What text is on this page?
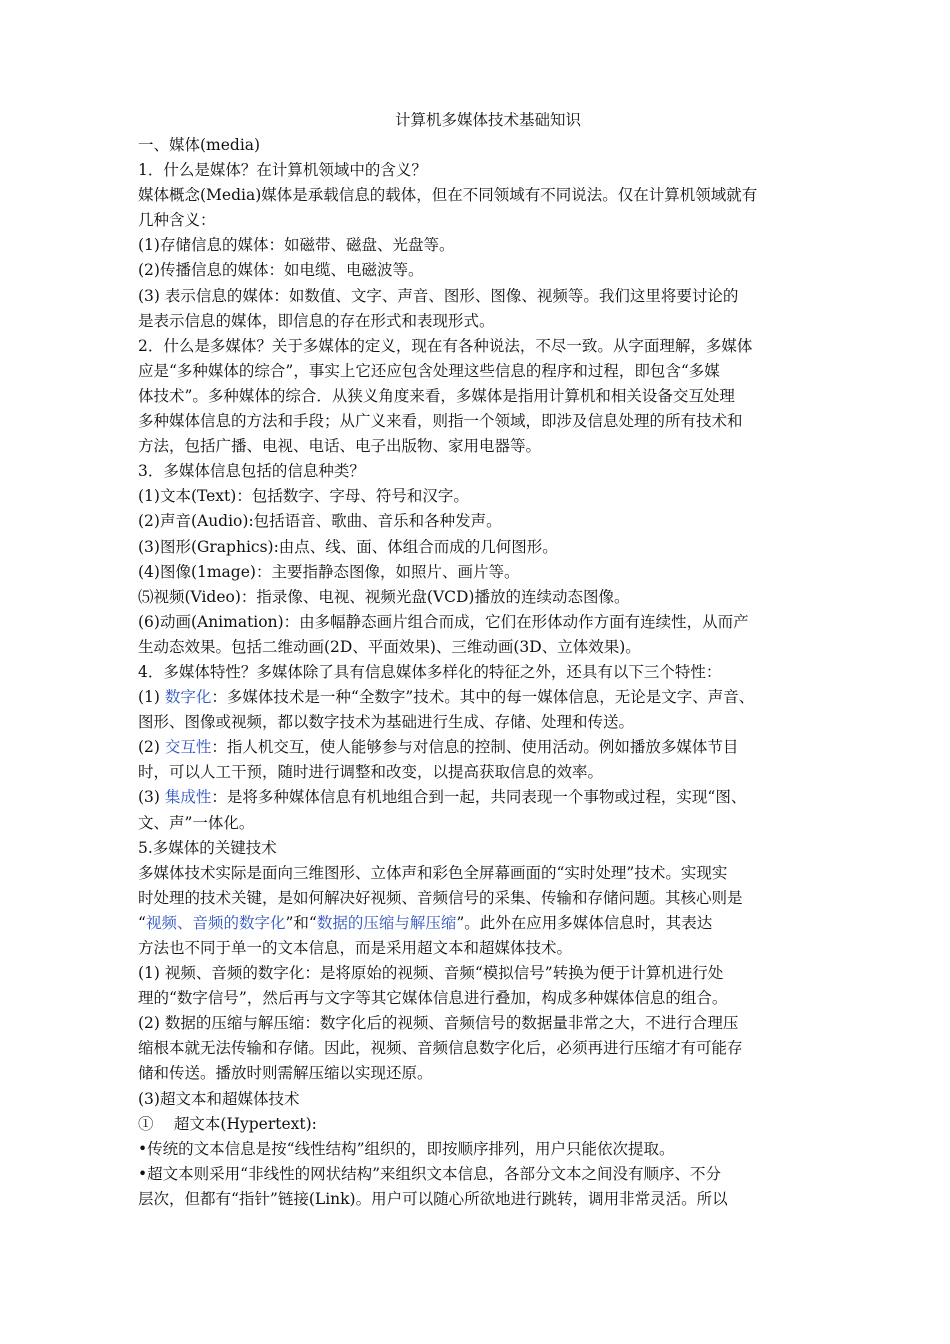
计算机多媒体技术基础知识
一、媒体(media)
1．什么是媒体？在计算机领域中的含义？
媒体概念(Media)媒体是承载信息的载体，但在不同领域有不同说法。仅在计算机领域就有
几种含义：
(1)存储信息的媒体：如磁带、磁盘、光盘等。
(2)传播信息的媒体：如电缆、电磁波等。
(3) 表示信息的媒体：如数值、文字、声音、图形、图像、视频等。我们这里将要讨论的
是表示信息的媒体，即信息的存在形式和表现形式。
2．什么是多媒体？关于多媒体的定义，现在有各种说法，不尽一致。从字面理解，多媒体
应是“多种媒体的综合”，事实上它还应包含处理这些信息的程序和过程，即包含“多媒
体技术”。多种媒体的综合．从狭义角度来看，多媒体是指用计算机和相关设备交互处理
多种媒体信息的方法和手段；从广义来看，则指一个领域，即涉及信息处理的所有技术和
方法，包括广播、电视、电话、电子出版物、家用电器等。
3．多媒体信息包括的信息种类？
(1)文本(Text)：包括数字、字母、符号和汉字。
(2)声音(Audio):包括语音、歌曲、音乐和各种发声。
(3)图形(Graphics):由点、线、面、体组合而成的几何图形。
(4)图像(1mage)：主要指静态图像，如照片、画片等。
⑸视频(Video)：指录像、电视、视频光盘(VCD)播放的连续动态图像。
(6)动画(Animation)：由多幅静态画片组合而成，它们在形体动作方面有连续性，从而产
生动态效果。包括二维动画(2D、平面效果)、三维动画(3D、立体效果)。
4．多媒体特性？多媒体除了具有信息媒体多样化的特征之外，还具有以下三个特性：
(1) 数字化：多媒体技术是一种“全数字”技术。其中的每一媒体信息，无论是文字、声音、
图形、图像或视频，都以数字技术为基础进行生成、存储、处理和传送。
(2) 交互性：指人机交互，使人能够参与对信息的控制、使用活动。例如播放多媒体节目
时，可以人工干预，随时进行调整和改变，以提高获取信息的效率。
(3) 集成性：是将多种媒体信息有机地组合到一起，共同表现一个事物或过程，实现“图、
文、声”一体化。
5.多媒体的关键技术
多媒体技术实际是面向三维图形、立体声和彩色全屏幕画面的“实时处理”技术。实现实
时处理的技术关键，是如何解决好视频、音频信号的采集、传输和存储问题。其核心则是
“视频、音频的数字化”和“数据的压缩与解压缩”。此外在应用多媒体信息时，其表达
方法也不同于单一的文本信息，而是采用超文本和超媒体技术。
(1) 视频、音频的数字化：是将原始的视频、音频“模拟信号”转换为便于计算机进行处
理的“数字信号”，然后再与文字等其它媒体信息进行叠加，构成多种媒体信息的组合。
(2) 数据的压缩与解压缩：数字化后的视频、音频信号的数据量非常之大，不进行合理压
缩根本就无法传输和存储。因此，视频、音频信息数字化后，必须再进行压缩才有可能存
储和传送。播放时则需解压缩以实现还原。
(3)超文本和超媒体技术
①　 超文本(Hypertext):
•传统的文本信息是按“线性结构”组织的，即按顺序排列，用户只能依次提取。
•超文本则采用“非线性的网状结构”来组织文本信息，各部分文本之间没有顺序、不分
层次，但都有“指针”链接(Link)。用户可以随心所欲地进行跳转，调用非常灵活。所以
